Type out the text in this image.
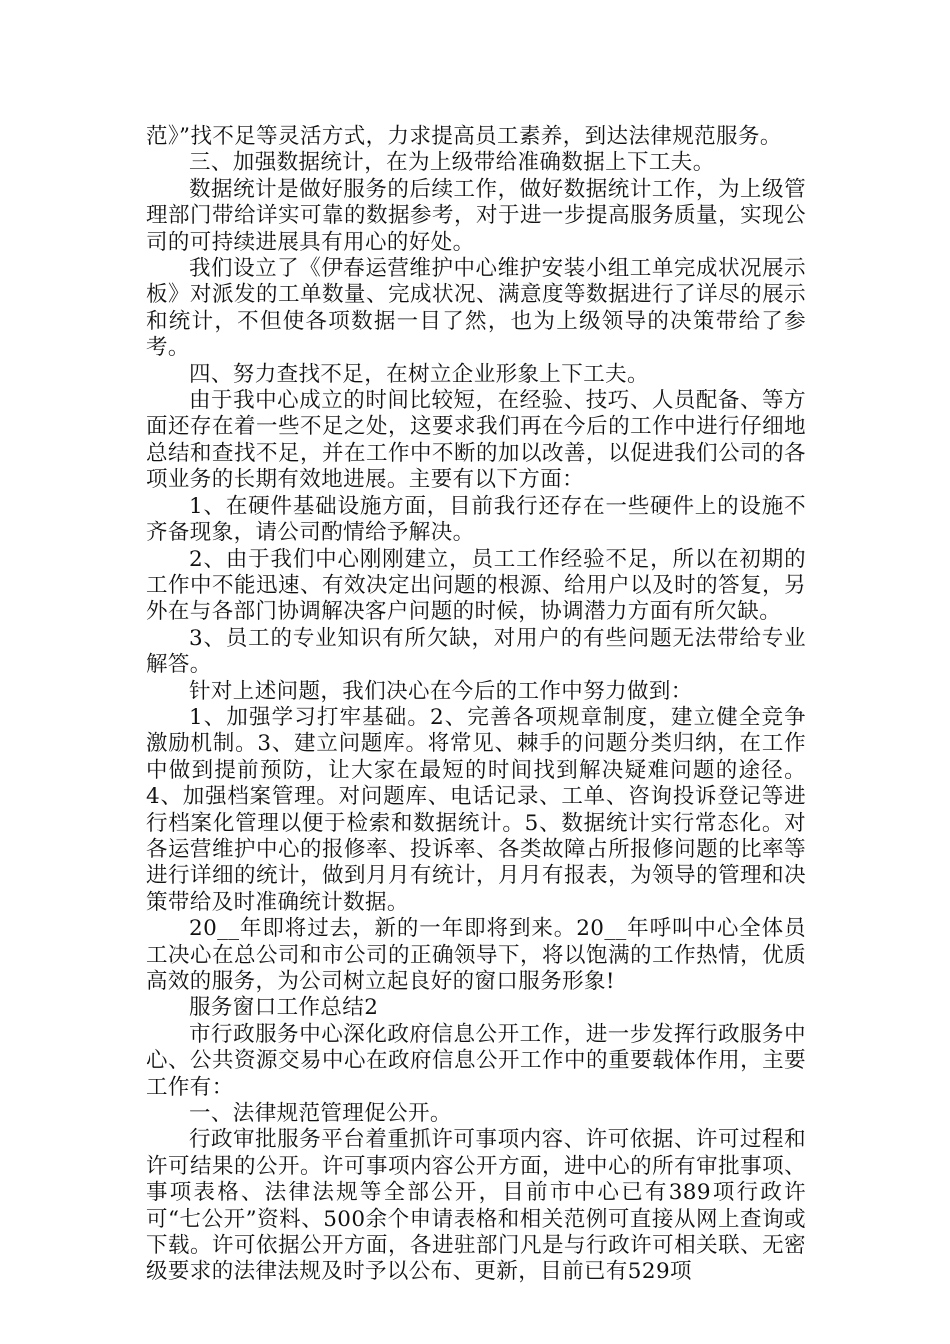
范》”找不足等灵活方式，力求提高员工素养，到达法律规范服务。

三、加强数据统计，在为上级带给准确数据上下工夫。

数据统计是做好服务的后续工作，做好数据统计工作，为上级管理部门带给详实可靠的数据参考，对于进一步提高服务质量，实现公司的可持续进展具有用心的好处。

我们设立了《伊春运营维护中心维护安装小组工单完成状况展示板》对派发的工单数量、完成状况、满意度等数据进行了详尽的展示和统计，不但使各项数据一目了然，也为上级领导的决策带给了参考。

四、努力查找不足，在树立企业形象上下工夫。

由于我中心成立的时间比较短，在经验、技巧、人员配备、等方面还存在着一些不足之处，这要求我们再在今后的工作中进行仔细地总结和查找不足，并在工作中不断的加以改善，以促进我们公司的各项业务的长期有效地进展。主要有以下方面：

1、在硬件基础设施方面，目前我行还存在一些硬件上的设施不齐备现象，请公司酌情给予解决。

2、由于我们中心刚刚建立，员工工作经验不足，所以在初期的工作中不能迅速、有效决定出问题的根源、给用户以及时的答复，另外在与各部门协调解决客户问题的时候，协调潜力方面有所欠缺。

3、员工的专业知识有所欠缺，对用户的有些问题无法带给专业解答。

针对上述问题，我们决心在今后的工作中努力做到：

1、加强学习打牢基础。2、完善各项规章制度，建立健全竞争激励机制。3、建立问题库。将常见、棘手的问题分类归纳，在工作中做到提前预防，让大家在最短的时间找到解决疑难问题的途径。4、加强档案管理。对问题库、电话记录、工单、咨询投诉登记等进行档案化管理以便于检索和数据统计。5、数据统计实行常态化。对各运营维护中心的报修率、投诉率、各类故障占所报修问题的比率等进行详细的统计，做到月月有统计，月月有报表，为领导的管理和决策带给及时准确统计数据。

20__年即将过去，新的一年即将到来。20__年呼叫中心全体员工决心在总公司和市公司的正确领导下，将以饱满的工作热情，优质高效的服务，为公司树立起良好的窗口服务形象!

服务窗口工作总结2

市行政服务中心深化政府信息公开工作，进一步发挥行政服务中心、公共资源交易中心在政府信息公开工作中的重要载体作用，主要工作有：

一、法律规范管理促公开。

行政审批服务平台着重抓许可事项内容、许可依据、许可过程和许可结果的公开。许可事项内容公开方面，进中心的所有审批事项、事项表格、法律法规等全部公开，目前市中心已有389项行政许可“七公开”资料、500余个申请表格和相关范例可直接从网上查询或下载。许可依据公开方面，各进驻部门凡是与行政许可相关联、无密级要求的法律法规及时予以公布、更新，目前已有529项
